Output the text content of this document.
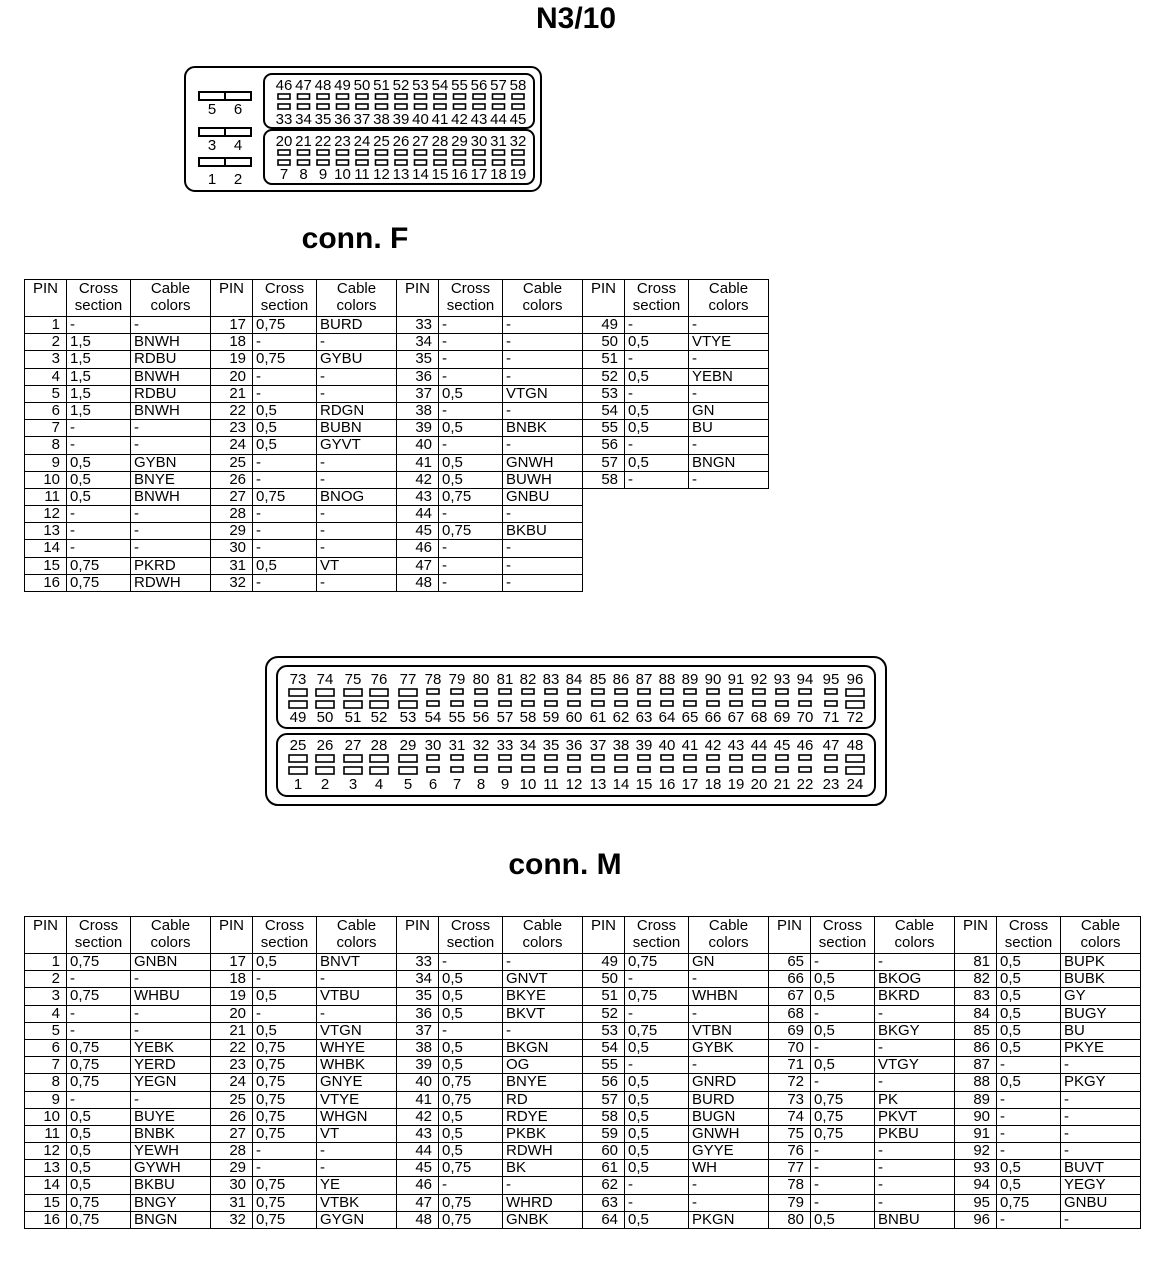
N3/10
5 6
3 4
1 2
46 47 48 49 50 51 52 53 54 55 56 57 58
33 34 35 36 37 38 39 40 41 42 43 44 45
20 21 22 23 24 25 26 27 28 29 30 31 32
7 8 9 10 11 12 13 14 15 16 17 18 19
conn. F
PIN	Cross
section	Cable
colors	PIN	Cross
section	Cable
colors	PIN	Cross
section	Cable
colors	PIN	Cross
section	Cable
colors
1	-	-	17	0,75	BURD	33	-	-	49	-	-
2	1,5	BNWH	18	-	-	34	-	-	50	0,5	VTYE
3	1,5	RDBU	19	0,75	GYBU	35	-	-	51	-	-
4	1,5	BNWH	20	-	-	36	-	-	52	0,5	YEBN
5	1,5	RDBU	21	-	-	37	0,5	VTGN	53	-	-
6	1,5	BNWH	22	0,5	RDGN	38	-	-	54	0,5	GN
7	-	-	23	0,5	BUBN	39	0,5	BNBK	55	0,5	BU
8	-	-	24	0,5	GYVT	40	-	-	56	-	-
9	0,5	GYBN	25	-	-	41	0,5	GNWH	57	0,5	BNGN
10	0,5	BNYE	26	-	-	42	0,5	BUWH	58	-	-
11	0,5	BNWH	27	0,75	BNOG	43	0,75	GNBU			
12	-	-	28	-	-	44	-	-			
13	-	-	29	-	-	45	0,75	BKBU			
14	-	-	30	-	-	46	-	-			
15	0,75	PKRD	31	0,5	VT	47	-	-			
16	0,75	RDWH	32	-	-	48	-	-			
73 74 75 76 77 78 79 80 81 82 83 84 85 86 87 88 89 90 91 92 93 94 95 96
49 50 51 52 53 54 55 56 57 58 59 60 61 62 63 64 65 66 67 68 69 70 71 72
25 26 27 28 29 30 31 32 33 34 35 36 37 38 39 40 41 42 43 44 45 46 47 48
1 2 3 4 5 6 7 8 9 10 11 12 13 14 15 16 17 18 19 20 21 22 23 24
conn. M
PIN	Cross
section	Cable
colors	PIN	Cross
section	Cable
colors	PIN	Cross
section	Cable
colors	PIN	Cross
section	Cable
colors	PIN	Cross
section	Cable
colors	PIN	Cross
section	Cable
colors
1	0,75	GNBN	17	0,5	BNVT	33	-	-	49	0,75	GN	65	-	-	81	0,5	BUPK
2	-	-	18	-	-	34	0,5	GNVT	50	-	-	66	0,5	BKOG	82	0,5	BUBK
3	0,75	WHBU	19	0,5	VTBU	35	0,5	BKYE	51	0,75	WHBN	67	0,5	BKRD	83	0,5	GY
4	-	-	20	-	-	36	0,5	BKVT	52	-	-	68	-	-	84	0,5	BUGY
5	-	-	21	0,5	VTGN	37	-	-	53	0,75	VTBN	69	0,5	BKGY	85	0,5	BU
6	0,75	YEBK	22	0,75	WHYE	38	0,5	BKGN	54	0,5	GYBK	70	-	-	86	0,5	PKYE
7	0,75	YERD	23	0,75	WHBK	39	0,5	OG	55	-	-	71	0,5	VTGY	87	-	-
8	0,75	YEGN	24	0,75	GNYE	40	0,75	BNYE	56	0,5	GNRD	72	-	-	88	0,5	PKGY
9	-	-	25	0,75	VTYE	41	0,75	RD	57	0,5	BURD	73	0,75	PK	89	-	-
10	0,5	BUYE	26	0,75	WHGN	42	0,5	RDYE	58	0,5	BUGN	74	0,75	PKVT	90	-	-
11	0,5	BNBK	27	0,75	VT	43	0,5	PKBK	59	0,5	GNWH	75	0,75	PKBU	91	-	-
12	0,5	YEWH	28	-	-	44	0,5	RDWH	60	0,5	GYYE	76	-	-	92	-	-
13	0,5	GYWH	29	-	-	45	0,75	BK	61	0,5	WH	77	-	-	93	0,5	BUVT
14	0,5	BKBU	30	0,75	YE	46	-	-	62	-	-	78	-	-	94	0,5	YEGY
15	0,75	BNGY	31	0,75	VTBK	47	0,75	WHRD	63	-	-	79	-	-	95	0,75	GNBU
16	0,75	BNGN	32	0,75	GYGN	48	0,75	GNBK	64	0,5	PKGN	80	0,5	BNBU	96	-	-
